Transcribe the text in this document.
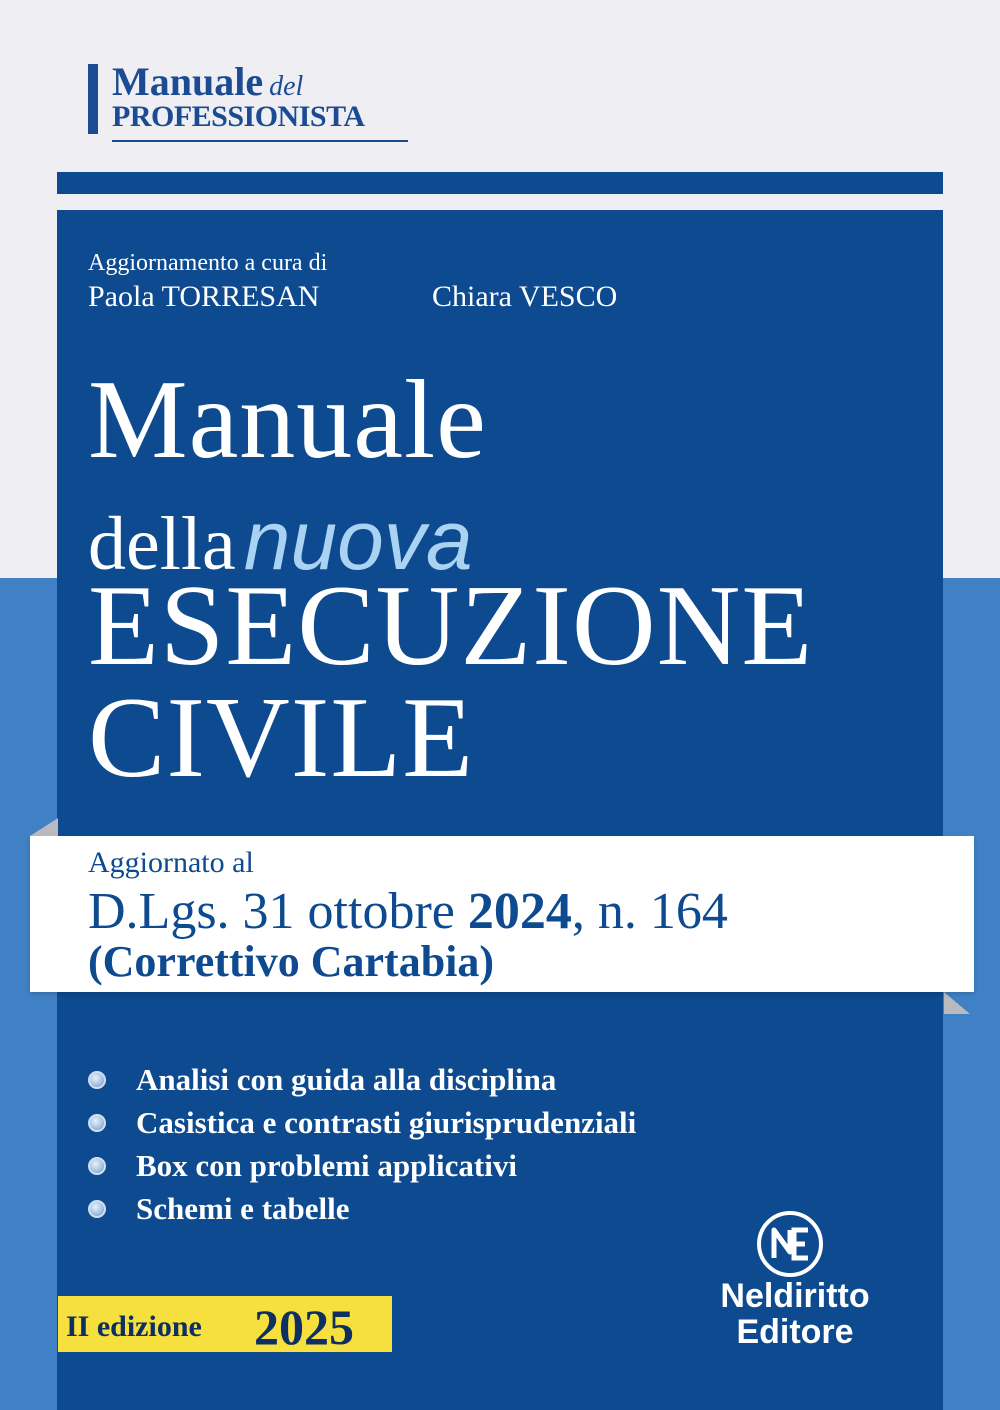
Manuale del
PROFESSIONISTA
Aggiornamento a cura di
Paola TORRESAN	Chiara VESCO
Manuale
dellanuova
ESECUZIONE
CIVILE
Aggiornato al
D.Lgs. 31 ottobre 2024, n. 164
(Correttivo Cartabia)
Analisi con guida alla disciplina
Casistica e contrasti giurisprudenziali
Box con problemi applicativi
Schemi e tabelle
II edizione 2025
Neldiritto
Editore
